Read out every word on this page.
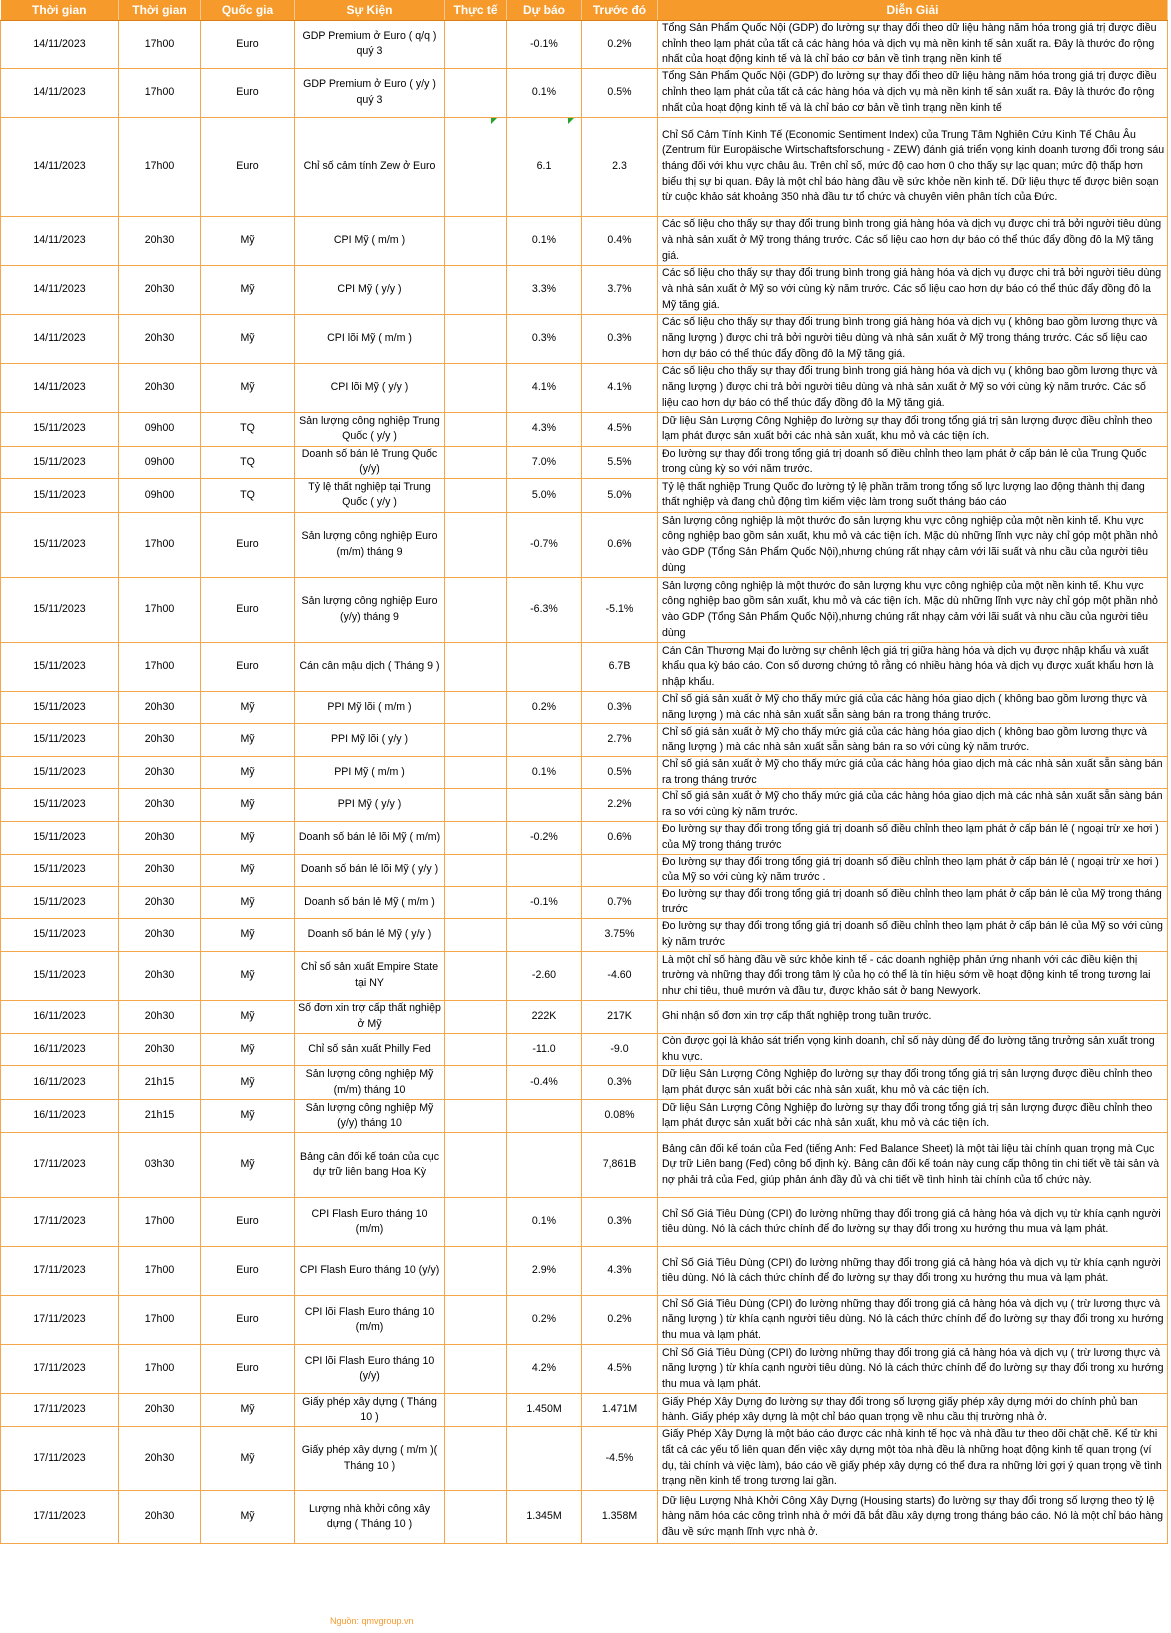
Thời gian	Thời gian	Quốc gia	Sự Kiện	Thực tế	Dự báo	Trước đó	Diễn Giải
14/11/2023	17h00	Euro	GDP Premium ở Euro ( q/q ) quý 3		-0.1%	0.2%	Tổng Sản Phẩm Quốc Nội (GDP) đo lường sự thay đổi theo dữ liệu hàng năm hóa trong giá trị được điều chỉnh theo lạm phát của tất cả các hàng hóa và dịch vụ mà nền kinh tế sản xuất ra. Đây là thước đo rộng nhất của hoạt động kinh tế và là chỉ báo cơ bản về tình trạng nền kinh tế
14/11/2023	17h00	Euro	GDP Premium ở Euro ( y/y ) quý 3		0.1%	0.5%	Tổng Sản Phẩm Quốc Nội (GDP) đo lường sự thay đổi theo dữ liệu hàng năm hóa trong giá trị được điều chỉnh theo lạm phát của tất cả các hàng hóa và dịch vụ mà nền kinh tế sản xuất ra. Đây là thước đo rộng nhất của hoạt động kinh tế và là chỉ báo cơ bản về tình trạng nền kinh tế
14/11/2023	17h00	Euro	Chỉ số cảm tính Zew ở Euro		6.1	2.3	Chỉ Số Cảm Tính Kinh Tế (Economic Sentiment Index) của Trung Tâm Nghiên Cứu Kinh Tế Châu Âu (Zentrum für Europäische Wirtschaftsforschung - ZEW) đánh giá triển vọng kinh doanh tương đối trong sáu tháng đối với khu vực châu âu. Trên chỉ số, mức độ cao hơn 0 cho thấy sự lạc quan; mức độ thấp hơn biểu thị sự bi quan. Đây là một chỉ báo hàng đầu về sức khỏe nền kinh tế. Dữ liệu thực tế được biên soạn từ cuộc khảo sát khoảng 350 nhà đầu tư tổ chức và chuyên viên phân tích của Đức.
14/11/2023	20h30	Mỹ	CPI Mỹ ( m/m )		0.1%	0.4%	Các số liệu cho thấy sự thay đổi trung bình trong giá hàng hóa và dịch vụ được chi trả bởi người tiêu dùng và nhà sản xuất ở Mỹ trong tháng trước. Các số liệu cao hơn dự báo có thể thúc đẩy đồng đô la Mỹ tăng giá.
14/11/2023	20h30	Mỹ	CPI Mỹ ( y/y )		3.3%	3.7%	Các số liệu cho thấy sự thay đổi trung bình trong giá hàng hóa và dịch vụ được chi trả bởi người tiêu dùng và nhà sản xuất ở Mỹ so với cùng kỳ năm trước. Các số liệu cao hơn dự báo có thể thúc đẩy đồng đô la Mỹ tăng giá.
14/11/2023	20h30	Mỹ	CPI lõi Mỹ ( m/m )		0.3%	0.3%	Các số liệu cho thấy sự thay đổi trung bình trong giá hàng hóa và dịch vụ ( không bao gồm lương thực và năng lượng ) được chi trả bởi người tiêu dùng và nhà sản xuất ở Mỹ trong tháng trước. Các số liệu cao hơn dự báo có thể thúc đẩy đồng đô la Mỹ tăng giá.
14/11/2023	20h30	Mỹ	CPI lõi Mỹ ( y/y )		4.1%	4.1%	Các số liệu cho thấy sự thay đổi trung bình trong giá hàng hóa và dịch vụ ( không bao gồm lương thực và năng lượng ) được chi trả bởi người tiêu dùng và nhà sản xuất ở Mỹ so với cùng kỳ năm trước. Các số liệu cao hơn dự báo có thể thúc đẩy đồng đô la Mỹ tăng giá.
15/11/2023	09h00	TQ	Sản lượng công nghiệp Trung Quốc ( y/y )		4.3%	4.5%	Dữ liệu Sản Lượng Công Nghiệp đo lường sự thay đổi trong tổng giá trị sản lượng được điều chỉnh theo lạm phát được sản xuất bởi các nhà sản xuất, khu mỏ và các tiện ích.
15/11/2023	09h00	TQ	Doanh số bán lẻ Trung Quốc (y/y)		7.0%	5.5%	Đo lường sự thay đổi trong tổng giá trị doanh số điều chỉnh theo lạm phát ở cấp bán lẻ của Trung Quốc trong cùng kỳ so với năm trước.
15/11/2023	09h00	TQ	Tỷ lệ thất nghiệp tại Trung Quốc ( y/y )		5.0%	5.0%	Tỷ lệ thất nghiệp Trung Quốc đo lường tỷ lệ phần trăm trong tổng số lực lượng lao động thành thị đang thất nghiệp và đang chủ động tìm kiếm việc làm trong suốt tháng báo cáo
15/11/2023	17h00	Euro	Sản lượng công nghiệp Euro (m/m) tháng 9		-0.7%	0.6%	Sản lượng công nghiệp là một thước đo sản lượng khu vực công nghiệp của một nền kinh tế. Khu vực công nghiệp bao gồm sản xuất, khu mỏ và các tiện ích. Mặc dù những lĩnh vực này chỉ góp một phần nhỏ vào GDP (Tổng Sản Phẩm Quốc Nội),nhưng chúng rất nhạy cảm với lãi suất và nhu cầu của người tiêu dùng
15/11/2023	17h00	Euro	Sản lượng công nghiệp Euro (y/y) tháng 9		-6.3%	-5.1%	Sản lượng công nghiệp là một thước đo sản lượng khu vực công nghiệp của một nền kinh tế. Khu vực công nghiệp bao gồm sản xuất, khu mỏ và các tiện ích. Mặc dù những lĩnh vực này chỉ góp một phần nhỏ vào GDP (Tổng Sản Phẩm Quốc Nội),nhưng chúng rất nhạy cảm với lãi suất và nhu cầu của người tiêu dùng
15/11/2023	17h00	Euro	Cán cân mậu dịch ( Tháng 9 )			6.7B	Cán Cân Thương Mại đo lường sự chênh lệch giá trị giữa hàng hóa và dịch vụ được nhập khẩu và xuất khẩu qua kỳ báo cáo. Con số dương chứng tỏ rằng có nhiều hàng hóa và dịch vụ được xuất khẩu hơn là nhập khẩu.
15/11/2023	20h30	Mỹ	PPI Mỹ lõi ( m/m )		0.2%	0.3%	Chỉ số giá sản xuất ở Mỹ cho thấy mức giá của các hàng hóa giao dịch ( không bao gồm lương thực và năng lượng ) mà các nhà sản xuất sẵn sàng bán ra trong tháng trước.
15/11/2023	20h30	Mỹ	PPI Mỹ lõi ( y/y )			2.7%	Chỉ số giá sản xuất ở Mỹ cho thấy mức giá của các hàng hóa giao dịch ( không bao gồm lương thực và năng lượng ) mà các nhà sản xuất sẵn sàng bán ra so với cùng kỳ năm trước.
15/11/2023	20h30	Mỹ	PPI Mỹ ( m/m )		0.1%	0.5%	Chỉ số giá sản xuất ở Mỹ cho thấy mức giá của các hàng hóa giao dịch mà các nhà sản xuất sẵn sàng bán ra trong tháng trước
15/11/2023	20h30	Mỹ	PPI Mỹ ( y/y )			2.2%	Chỉ số giá sản xuất ở Mỹ cho thấy mức giá của các hàng hóa giao dịch mà các nhà sản xuất sẵn sàng bán ra so với cùng kỳ năm trước.
15/11/2023	20h30	Mỹ	Doanh số bán lẻ lõi Mỹ ( m/m)		-0.2%	0.6%	Đo lường sự thay đổi trong tổng giá trị doanh số điều chỉnh theo lạm phát ở cấp bán lẻ ( ngoại trừ xe hơi ) của Mỹ trong tháng trước
15/11/2023	20h30	Mỹ	Doanh số bán lẻ lõi Mỹ ( y/y )				Đo lường sự thay đổi trong tổng giá trị doanh số điều chỉnh theo lạm phát ở cấp bán lẻ ( ngoại trừ xe hơi ) của Mỹ so với cùng kỳ năm trước .
15/11/2023	20h30	Mỹ	Doanh số bán lẻ Mỹ ( m/m )		-0.1%	0.7%	Đo lường sự thay đổi trong tổng giá trị doanh số điều chỉnh theo lạm phát ở cấp bán lẻ của Mỹ trong tháng trước
15/11/2023	20h30	Mỹ	Doanh số bán lẻ Mỹ ( y/y )			3.75%	Đo lường sự thay đổi trong tổng giá trị doanh số điều chỉnh theo lạm phát ở cấp bán lẻ của Mỹ so với cùng kỳ năm trước
15/11/2023	20h30	Mỹ	Chỉ số sản xuất Empire State tại NY		-2.60	-4.60	Là một chỉ số hàng đầu về sức khỏe kinh tế - các doanh nghiệp phản ứng nhanh với các điều kiện thị trường và những thay đổi trong tâm lý của họ có thể là tín hiệu sớm về hoạt động kinh tế trong tương lai như chi tiêu, thuê mướn và đầu tư, được khảo sát ở bang Newyork.
16/11/2023	20h30	Mỹ	Số đơn xin trợ cấp thất nghiệp ở Mỹ		222K	217K	Ghi nhận số đơn xin trợ cấp thất nghiệp trong tuần trước.
16/11/2023	20h30	Mỹ	Chỉ số sản xuất Philly Fed		-11.0	-9.0	Còn được gọi là khảo sát triển vọng kinh doanh, chỉ số này dùng để đo lường tăng trưởng sản xuất trong khu vực.
16/11/2023	21h15	Mỹ	Sản lượng công nghiệp Mỹ (m/m) tháng 10		-0.4%	0.3%	Dữ liệu Sản Lượng Công Nghiệp đo lường sự thay đổi trong tổng giá trị sản lượng được điều chỉnh theo lạm phát được sản xuất bởi các nhà sản xuất, khu mỏ và các tiện ích.
16/11/2023	21h15	Mỹ	Sản lượng công nghiệp Mỹ (y/y) tháng 10			0.08%	Dữ liệu Sản Lượng Công Nghiệp đo lường sự thay đổi trong tổng giá trị sản lượng được điều chỉnh theo lạm phát được sản xuất bởi các nhà sản xuất, khu mỏ và các tiện ích.
17/11/2023	03h30	Mỹ	Bảng cân đối kế toán của cục dự trữ liên bang Hoa Kỳ			7,861B	Bảng cân đối kế toán của Fed (tiếng Anh: Fed Balance Sheet) là một tài liệu tài chính quan trọng mà Cục Dự trữ Liên bang (Fed) công bố định kỳ. Bảng cân đối kế toán này cung cấp thông tin chi tiết về tài sản và nợ phải trả của Fed, giúp phản ánh đầy đủ và chi tiết về tình hình tài chính của tổ chức này.
17/11/2023	17h00	Euro	CPI Flash Euro tháng 10 (m/m)		0.1%	0.3%	Chỉ Số Giá Tiêu Dùng (CPI) đo lường những thay đổi trong giá cả hàng hóa và dịch vụ từ khía cạnh người tiêu dùng. Nó là cách thức chính để đo lường sự thay đổi trong xu hướng thu mua và lạm phát.
17/11/2023	17h00	Euro	CPI Flash Euro tháng 10 (y/y)		2.9%	4.3%	Chỉ Số Giá Tiêu Dùng (CPI) đo lường những thay đổi trong giá cả hàng hóa và dịch vụ từ khía cạnh người tiêu dùng. Nó là cách thức chính để đo lường sự thay đổi trong xu hướng thu mua và lạm phát.
17/11/2023	17h00	Euro	CPI lõi Flash Euro tháng 10 (m/m)		0.2%	0.2%	Chỉ Số Giá Tiêu Dùng (CPI) đo lường những thay đổi trong giá cả hàng hóa và dịch vụ ( trừ lương thực và năng lượng ) từ khía cạnh người tiêu dùng. Nó là cách thức chính để đo lường sự thay đổi trong xu hướng thu mua và lạm phát.
17/11/2023	17h00	Euro	CPI lõi Flash Euro tháng 10 (y/y)		4.2%	4.5%	Chỉ Số Giá Tiêu Dùng (CPI) đo lường những thay đổi trong giá cả hàng hóa và dịch vụ ( trừ lương thực và năng lượng ) từ khía cạnh người tiêu dùng. Nó là cách thức chính để đo lường sự thay đổi trong xu hướng thu mua và lạm phát.
17/11/2023	20h30	Mỹ	Giấy phép xây dựng ( Tháng 10 )		1.450M	1.471M	Giấy Phép Xây Dựng đo lường sự thay đổi trong số lượng giấy phép xây dựng mới do chính phủ ban hành. Giấy phép xây dựng là một chỉ báo quan trọng về nhu cầu thị trường nhà ở.
17/11/2023	20h30	Mỹ	Giấy phép xây dựng ( m/m )( Tháng 10 )			-4.5%	Giấy Phép Xây Dựng là một báo cáo được các nhà kinh tế học và nhà đầu tư theo dõi chặt chẽ. Kể từ khi tất cả các yếu tố liên quan đến việc xây dựng một tòa nhà đều là những hoạt động kinh tế quan trọng (ví dụ, tài chính và việc làm), báo cáo về giấy phép xây dựng có thể đưa ra những lời gợi ý quan trọng về tình trạng nền kinh tế trong tương lai gần.
17/11/2023	20h30	Mỹ	Lượng nhà khởi công xây dựng ( Tháng 10 )		1.345M	1.358M	Dữ liệu Lượng Nhà Khởi Công Xây Dựng (Housing starts) đo lường sự thay đổi trong số lượng theo tỷ lệ hàng năm hóa các công trình nhà ở mới đã bắt đầu xây dựng trong tháng báo cáo. Nó là một chỉ báo hàng đầu về sức mạnh lĩnh vực nhà ở.
Nguồn: qmvgroup.vn
